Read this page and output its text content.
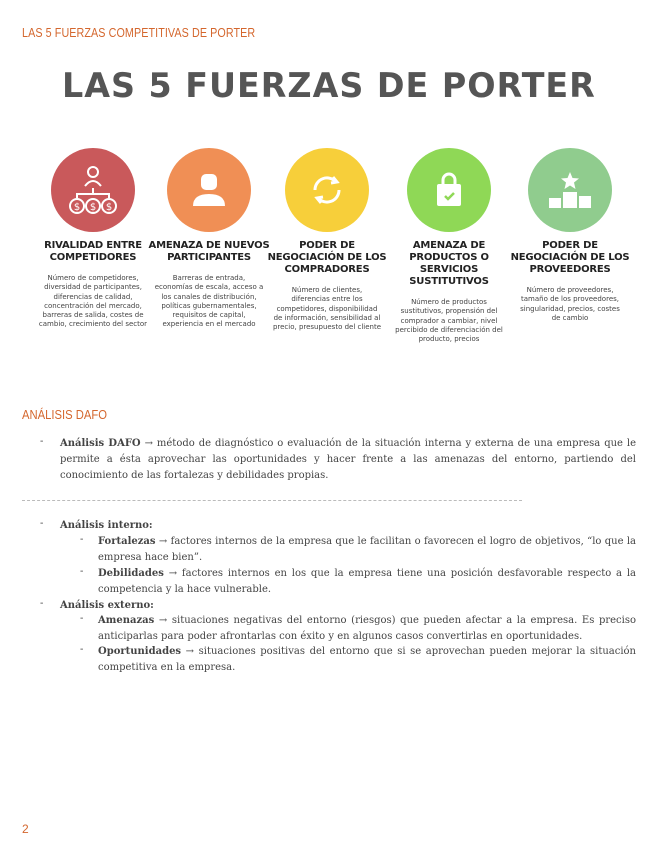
LAS 5 FUERZAS COMPETITIVAS DE PORTER
LAS 5 FUERZAS DE PORTER
$ $ $
RIVALIDAD ENTRE COMPETIDORES
Número de competidores, diversidad de participantes, diferencias de calidad, concentración del mercado, barreras de salida, costes de cambio, crecimiento del sector
AMENAZA DE NUEVOS PARTICIPANTES
Barreras de entrada, economías de escala, acceso a los canales de distribución, políticas gubernamentales, requisitos de capital, experiencia en el mercado
PODER DE NEGOCIACIÓN DE LOS COMPRADORES
Número de clientes, diferencias entre los competidores, disponibilidad de información, sensibilidad al precio, presupuesto del cliente
AMENAZA DE PRODUCTOS O SERVICIOS SUSTITUTIVOS
Número de productos sustitutivos, propensión del comprador a cambiar, nivel percibido de diferenciación del producto, precios
PODER DE NEGOCIACIÓN DE LOS PROVEEDORES
Número de proveedores, tamaño de los proveedores, singularidad, precios, costes de cambio
ANÁLISIS DAFO
- Análisis DAFO → método de diagnóstico o evaluación de la situación interna y externa de una empresa que le permite a ésta aprovechar las oportunidades y hacer frente a las amenazas del entorno, partiendo del conocimiento de las fortalezas y debilidades propias.
- Análisis interno:
- Fortalezas → factores internos de la empresa que le facilitan o favorecen el logro de objetivos, “lo que la empresa hace bien”.
- Debilidades → factores internos en los que la empresa tiene una posición desfavorable respecto a la competencia y la hace vulnerable.
- Análisis externo:
- Amenazas → situaciones negativas del entorno (riesgos) que pueden afectar a la empresa. Es preciso anticiparlas para poder afrontarlas con éxito y en algunos casos convertirlas en oportunidades.
- Oportunidades → situaciones positivas del entorno que si se aprovechan pueden mejorar la situación competitiva en la empresa.
2
